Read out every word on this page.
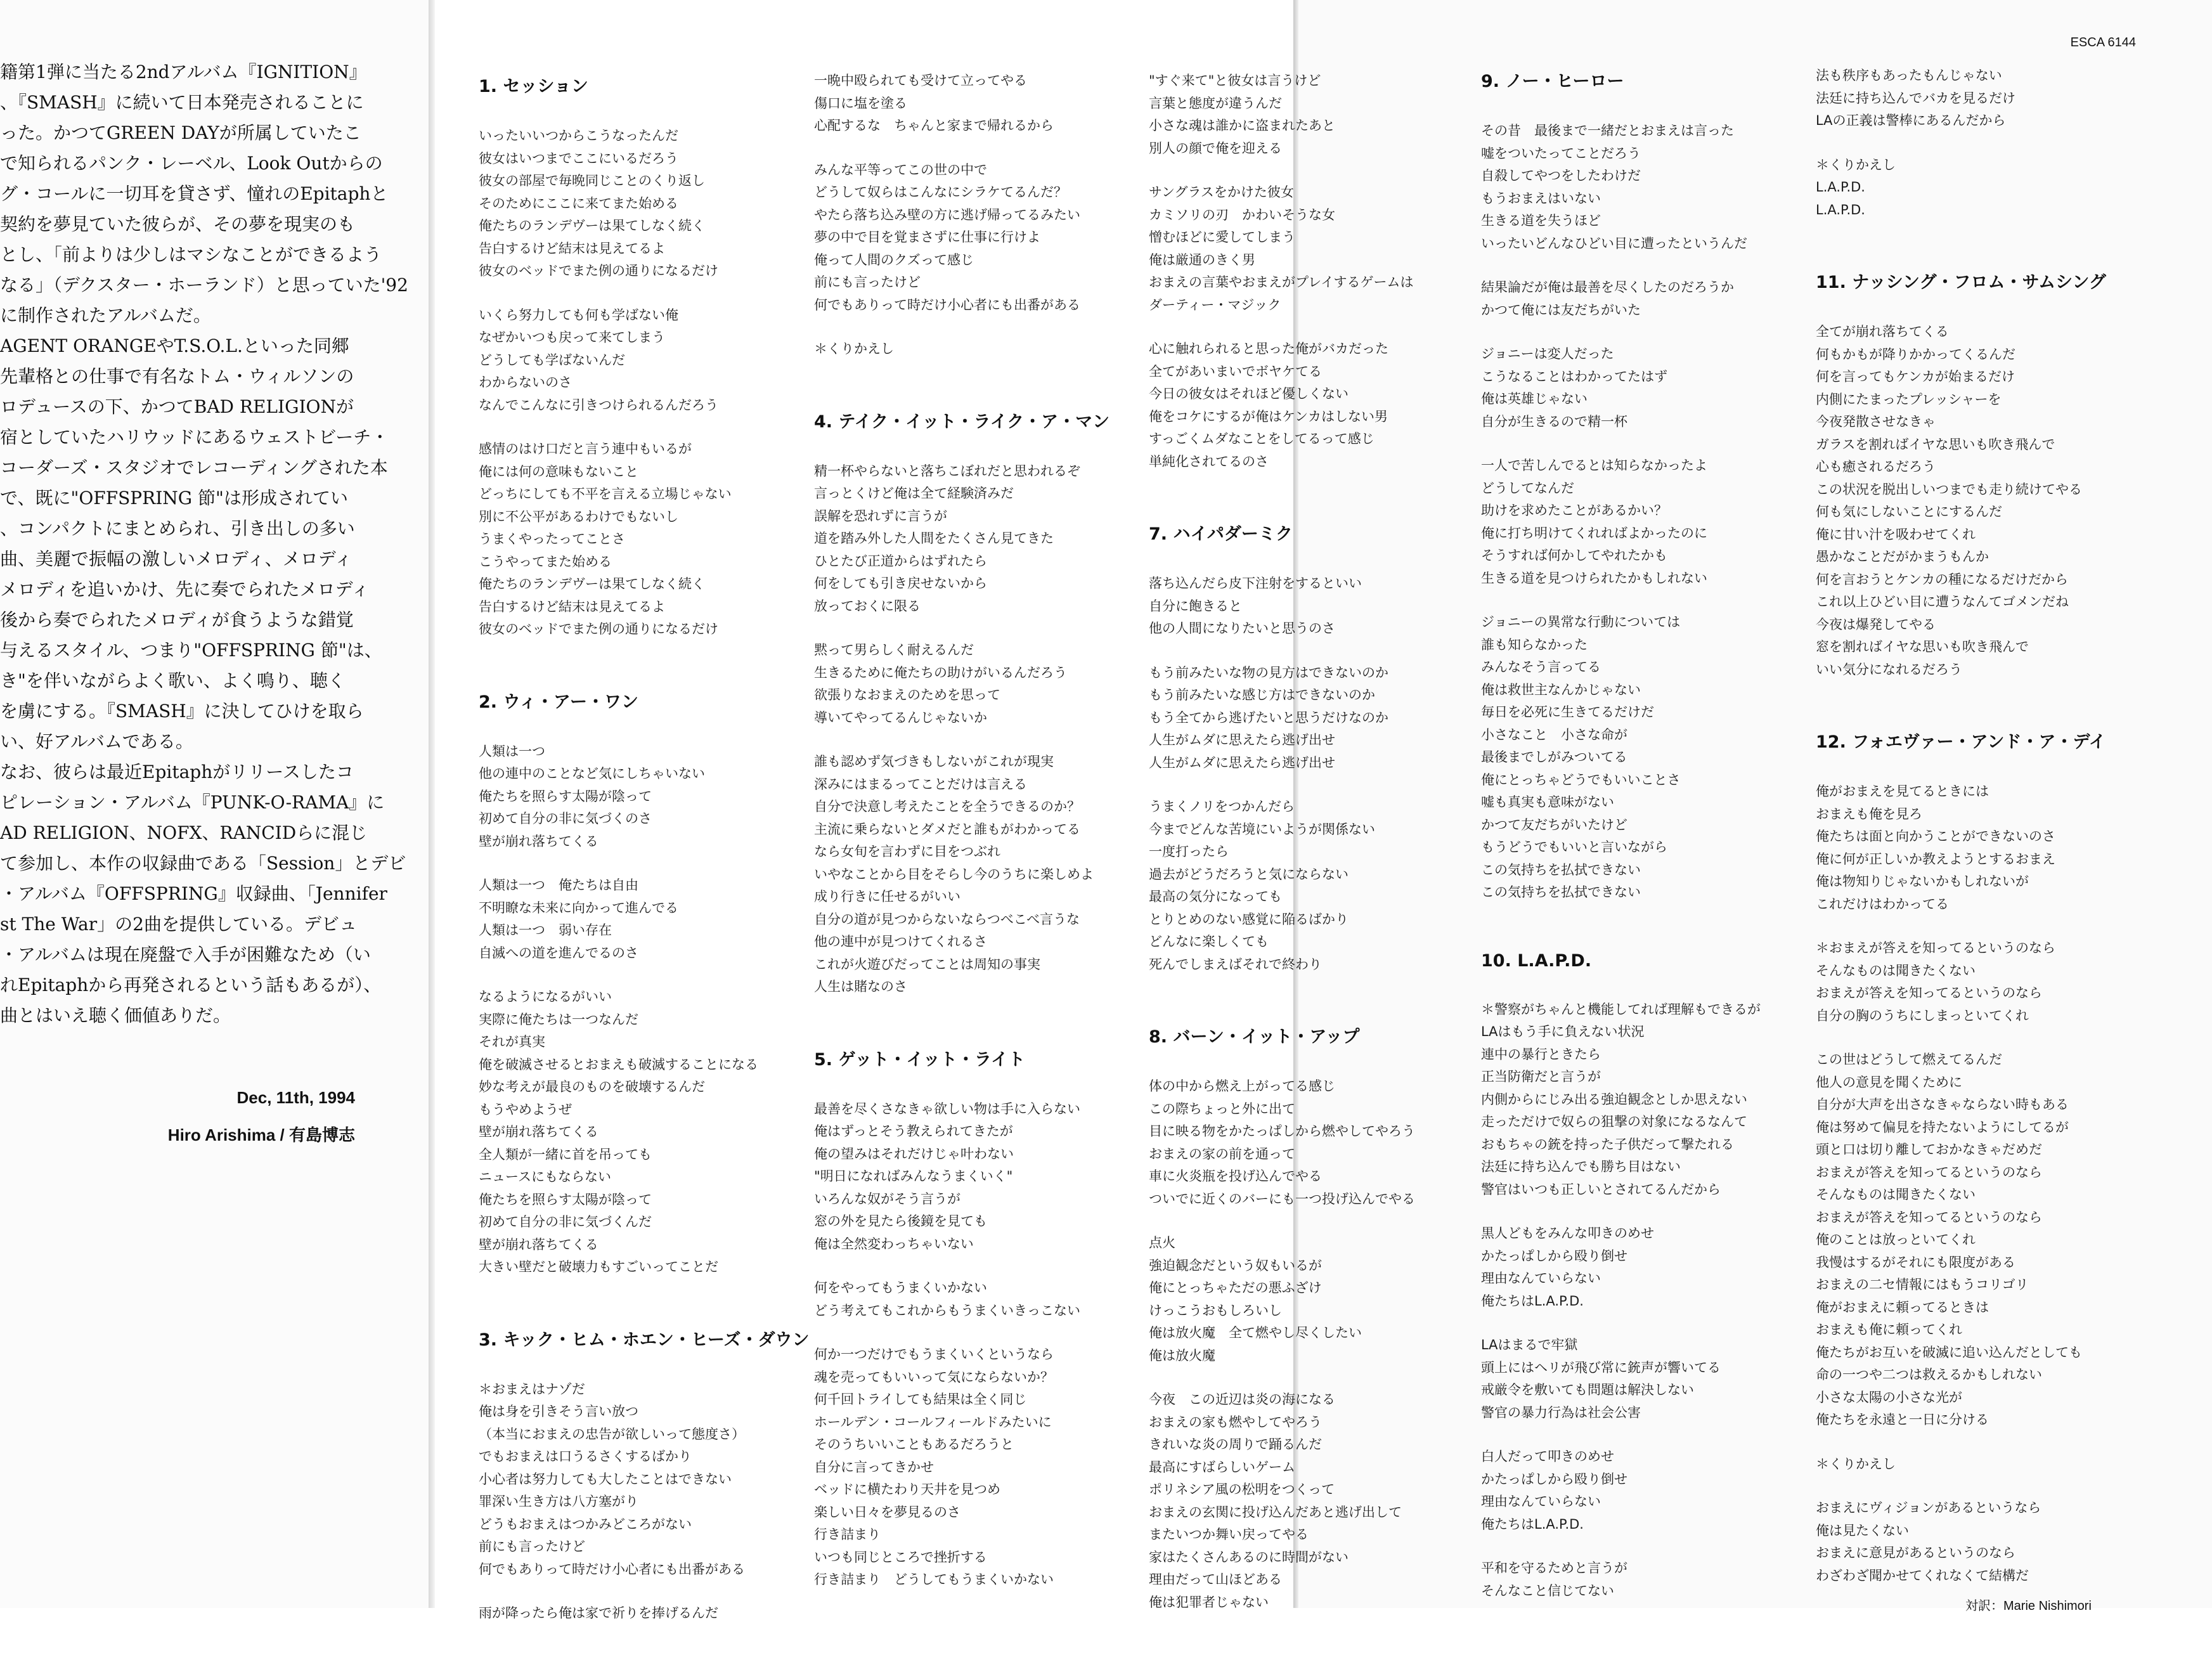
籍第1弾に当たる2ndアルバム『IGNITION』

、『SMASH』に続いて日本発売されることに

った。かつてGREEN DAYが所属していたこ

で知られるパンク・レーベル、Look Outからの

グ・コールに一切耳を貸さず、憧れのEpitaphと

契約を夢見ていた彼らが、その夢を現実のも

とし、「前よりは少しはマシなことができるよう

なる」（デクスター・ホーランド）と思っていた'92

に制作されたアルバムだ。

AGENT ORANGEやT.S.O.L.といった同郷

先輩格との仕事で有名なトム・ウィルソンの

ロデュースの下、かつてBAD RELIGIONが

宿としていたハリウッドにあるウェストビーチ・

コーダーズ・スタジオでレコーディングされた本

で、既に"OFFSPRING 節"は形成されてい

、コンパクトにまとめられ、引き出しの多い

曲、美麗で振幅の激しいメロディ、メロディ

メロディを追いかけ、先に奏でられたメロディ

後から奏でられたメロディが食うような錯覚

与えるスタイル、つまり"OFFSPRING 節"は、

き"を伴いながらよく歌い、よく鳴り、聴く

を虜にする。『SMASH』に決してひけを取ら

い、好アルバムである。

なお、彼らは最近Epitaphがリリースしたコ

ピレーション・アルバム『PUNK-O-RAMA』に

AD RELIGION、NOFX、RANCIDらに混じ

て参加し、本作の収録曲である「Session」とデビ

・アルバム『OFFSPRING』収録曲、「Jennifer

st The War」の2曲を提供している。デビュ

・アルバムは現在廃盤で入手が困難なため（い

れEpitaphから再発されるという話もあるが）、

曲とはいえ聴く価値ありだ。

Dec, 11th, 1994
Hiro Arishima / 有島博志
ESCA 6144
1. セッション
いったいいつからこうなったんだ
彼女はいつまでここにいるだろう
彼女の部屋で毎晩同じことのくり返し
そのためにここに来てまた始める
俺たちのランデヴーは果てしなく続く
告白するけど結末は見えてるよ
彼女のベッドでまた例の通りになるだけ
いくら努力しても何も学ばない俺
なぜかいつも戻って来てしまう
どうしても学ばないんだ
わからないのさ
なんでこんなに引きつけられるんだろう
感情のはけ口だと言う連中もいるが
俺には何の意味もないこと
どっちにしても不平を言える立場じゃない
別に不公平があるわけでもないし
うまくやったってことさ
こうやってまた始める
俺たちのランデヴーは果てしなく続く
告白するけど結末は見えてるよ
彼女のベッドでまた例の通りになるだけ
2. ウィ・アー・ワン
人類は一つ
他の連中のことなど気にしちゃいない
俺たちを照らす太陽が陰って
初めて自分の非に気づくのさ
壁が崩れ落ちてくる
人類は一つ　俺たちは自由
不明瞭な未来に向かって進んでる
人類は一つ　弱い存在
自滅への道を進んでるのさ
なるようになるがいい
実際に俺たちは一つなんだ
それが真実
俺を破滅させるとおまえも破滅することになる
妙な考えが最良のものを破壊するんだ
もうやめようぜ
壁が崩れ落ちてくる
全人類が一緒に首を吊っても
ニュースにもならない
俺たちを照らす太陽が陰って
初めて自分の非に気づくんだ
壁が崩れ落ちてくる
大きい壁だと破壊力もすごいってことだ
3. キック・ヒム・ホエン・ヒーズ・ダウン
＊おまえはナゾだ
俺は身を引きそう言い放つ
（本当におまえの忠告が欲しいって態度さ）
でもおまえは口うるさくするばかり
小心者は努力しても大したことはできない
罪深い生き方は八方塞がり
どうもおまえはつかみどころがない
前にも言ったけど
何でもありって時だけ小心者にも出番がある
雨が降ったら俺は家で祈りを捧げるんだ
一晩中殴られても受けて立ってやる
傷口に塩を塗る
心配するな　ちゃんと家まで帰れるから
みんな平等ってこの世の中で
どうして奴らはこんなにシラケてるんだ？
やたら落ち込み壁の方に逃げ帰ってるみたい
夢の中で目を覚まさずに仕事に行けよ
俺って人間のクズって感じ
前にも言ったけど
何でもありって時だけ小心者にも出番がある
＊くりかえし
4. テイク・イット・ライク・ア・マン
精一杯やらないと落ちこぼれだと思われるぞ
言っとくけど俺は全て経験済みだ
誤解を恐れずに言うが
道を踏み外した人間をたくさん見てきた
ひとたび正道からはずれたら
何をしても引き戻せないから
放っておくに限る
黙って男らしく耐えるんだ
生きるために俺たちの助けがいるんだろう
欲張りなおまえのためを思って
導いてやってるんじゃないか
誰も認めず気づきもしないがこれが現実
深みにはまるってことだけは言える
自分で決意し考えたことを全うできるのか？
主流に乗らないとダメだと誰もがわかってる
なら女旬を言わずに目をつぶれ
いやなことから目をそらし今のうちに楽しめよ
成り行きに任せるがいい
自分の道が見つからないならつべこべ言うな
他の連中が見つけてくれるさ
これが火遊びだってことは周知の事実
人生は賭なのさ
5. ゲット・イット・ライト
最善を尽くさなきゃ欲しい物は手に入らない
俺はずっとそう教えられてきたが
俺の望みはそれだけじゃ叶わない
"明日になればみんなうまくいく"
いろんな奴がそう言うが
窓の外を見たら後鏡を見ても
俺は全然変わっちゃいない
何をやってもうまくいかない
どう考えてもこれからもうまくいきっこない
何か一つだけでもうまくいくというなら
魂を売ってもいいって気にならないか？
何千回トライしても結果は全く同じ
ホールデン・コールフィールドみたいに
そのうちいいこともあるだろうと
自分に言ってきかせ
ベッドに横たわり天井を見つめ
楽しい日々を夢見るのさ
行き詰まり
いつも同じところで挫折する
行き詰まり　どうしてもうまくいかない
"すぐ来て"と彼女は言うけど
言葉と態度が違うんだ
小さな魂は誰かに盗まれたあと
別人の顔で俺を迎える
サングラスをかけた彼女
カミソリの刃　かわいそうな女
憎むほどに愛してしまう
俺は厳通のきく男
おまえの言葉やおまえがプレイするゲームは
ダーティー・マジック
心に触れられると思った俺がバカだった
全てがあいまいでボヤケてる
今日の彼女はそれほど優しくない
俺をコケにするが俺はケンカはしない男
すっごくムダなことをしてるって感じ
単純化されてるのさ
7. ハイパダーミク
落ち込んだら皮下注射をするといい
自分に飽きると
他の人間になりたいと思うのさ
もう前みたいな物の見方はできないのか
もう前みたいな感じ方はできないのか
もう全てから逃げたいと思うだけなのか
人生がムダに思えたら逃げ出せ
人生がムダに思えたら逃げ出せ
うまくノリをつかんだら
今までどんな苦境にいようが関係ない
一度打ったら
過去がどうだろうと気にならない
最高の気分になっても
とりとめのない感覚に陥るばかり
どんなに楽しくても
死んでしまえばそれで終わり
8. バーン・イット・アップ
体の中から燃え上がってる感じ
この際ちょっと外に出て
目に映る物をかたっぱしから燃やしてやろう
おまえの家の前を通って
車に火炎瓶を投げ込んでやる
ついでに近くのバーにも一つ投げ込んでやる
点火
強迫観念だという奴もいるが
俺にとっちゃただの悪ふざけ
けっこうおもしろいし
俺は放火魔　全て燃やし尽くしたい
俺は放火魔
今夜　この近辺は炎の海になる
おまえの家も燃やしてやろう
きれいな炎の周りで踊るんだ
最高にすばらしいゲーム
ポリネシア風の松明をつくって
おまえの玄関に投げ込んだあと逃げ出して
またいつか舞い戻ってやる
家はたくさんあるのに時間がない
理由だって山ほどある
俺は犯罪者じゃない
9. ノー・ヒーロー
その昔　最後まで一緒だとおまえは言った
嘘をついたってことだろう
自殺してやつをしたわけだ
もうおまえはいない
生きる道を失うほど
いったいどんなひどい目に遭ったというんだ
結果論だが俺は最善を尽くしたのだろうか
かつて俺には友だちがいた
ジョニーは変人だった
こうなることはわかってたはず
俺は英雄じゃない
自分が生きるので精一杯
一人で苦しんでるとは知らなかったよ
どうしてなんだ
助けを求めたことがあるかい？
俺に打ち明けてくれればよかったのに
そうすれば何かしてやれたかも
生きる道を見つけられたかもしれない
ジョニーの異常な行動については
誰も知らなかった
みんなそう言ってる
俺は救世主なんかじゃない
毎日を必死に生きてるだけだ
小さなこと　小さな命が
最後までしがみついてる
俺にとっちゃどうでもいいことさ
嘘も真実も意味がない
かつて友だちがいたけど
もうどうでもいいと言いながら
この気持ちを払拭できない
この気持ちを払拭できない
10. L.A.P.D.
＊警察がちゃんと機能してれば理解もできるが
LAはもう手に負えない状況
連中の暴行ときたら
正当防衛だと言うが
内側からにじみ出る強迫観念としか思えない
走っただけで奴らの狙撃の対象になるなんて
おもちゃの銃を持った子供だって撃たれる
法廷に持ち込んでも勝ち目はない
警官はいつも正しいとされてるんだから
黒人どもをみんな叩きのめせ
かたっぱしから殴り倒せ
理由なんていらない
俺たちはL.A.P.D.
LAはまるで牢獄
頭上にはヘリが飛び常に銃声が響いてる
戒厳令を敷いても問題は解決しない
警官の暴力行為は社会公害
白人だって叩きのめせ
かたっぱしから殴り倒せ
理由なんていらない
俺たちはL.A.P.D.
平和を守るためと言うが
そんなこと信じてない
法も秩序もあったもんじゃない
法廷に持ち込んでバカを見るだけ
LAの正義は警棒にあるんだから
＊くりかえし
L.A.P.D.
L.A.P.D.
11. ナッシング・フロム・サムシング
全てが崩れ落ちてくる
何もかもが降りかかってくるんだ
何を言ってもケンカが始まるだけ
内側にたまったプレッシャーを
今夜発散させなきゃ
ガラスを割ればイヤな思いも吹き飛んで
心も癒されるだろう
この状況を脱出しいつまでも走り続けてやる
何も気にしないことにするんだ
俺に甘い汁を吸わせてくれ
愚かなことだがかまうもんか
何を言おうとケンカの種になるだけだから
これ以上ひどい目に遭うなんてゴメンだね
今夜は爆発してやる
窓を割ればイヤな思いも吹き飛んで
いい気分になれるだろう
12. フォエヴァー・アンド・ア・デイ
俺がおまえを見てるときには
おまえも俺を見ろ
俺たちは面と向かうことができないのさ
俺に何が正しいか教えようとするおまえ
俺は物知りじゃないかもしれないが
これだけはわかってる
＊おまえが答えを知ってるというのなら
そんなものは聞きたくない
おまえが答えを知ってるというのなら
自分の胸のうちにしまっといてくれ
この世はどうして燃えてるんだ
他人の意見を聞くために
自分が大声を出さなきゃならない時もある
俺は努めて偏見を持たないようにしてるが
頭と口は切り離しておかなきゃだめだ
おまえが答えを知ってるというのなら
そんなものは聞きたくない
おまえが答えを知ってるというのなら
俺のことは放っといてくれ
我慢はするがそれにも限度がある
おまえの二セ情報にはもうコリゴリ
俺がおまえに頼ってるときは
おまえも俺に頼ってくれ
俺たちがお互いを破滅に追い込んだとしても
命の一つや二つは救えるかもしれない
小さな太陽の小さな光が
俺たちを永遠と一日に分ける
＊くりかえし
おまえにヴィジョンがあるというなら
俺は見たくない
おまえに意見があるというのなら
わざわざ聞かせてくれなくて結構だ
対訳：Marie Nishimori
